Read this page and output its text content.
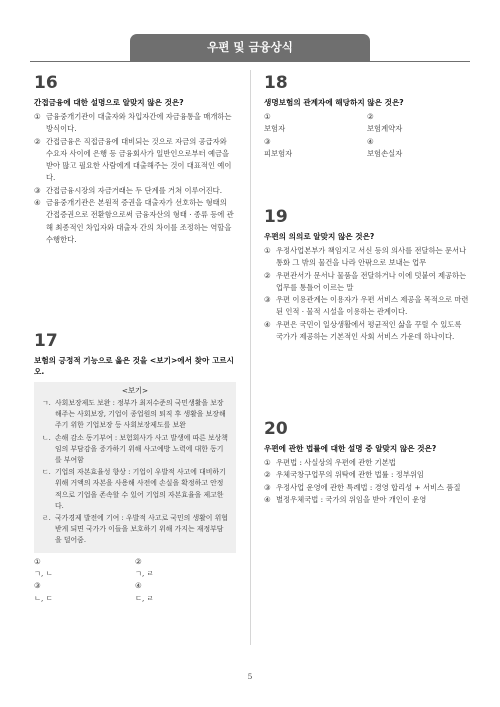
우편 및 금융상식
16
간접금융에 대한 설명으로 알맞지 않은 것은?
① 금융중개기관이 대출자와 차입자간에 자금융통을 매개하는 방식이다.
② 간접금융은 직접금융에 대비되는 것으로 자금의 공급자와 수요자 사이에 은행 등 금융회사가 일반인으로부터 예금을 받아 많고 필요한 사람에게 대출해주는 것이 대표적인 예이다.
③ 간접금융시장의 자금거래는 두 단계를 거쳐 이루어진다.
④ 금융중개기관은 본원적 증권을 대출자가 선호하는 형태의 간접증권으로 전환함으로써 금융자산의 형태 · 종류 등에 관해 최종적인 차입자와 대출자 간의 차이를 조정하는 역할을 수행한다.
17
보험의 긍정적 기능으로 옳은 것을 <보기>에서 찾아 고르시오.
<보기>
ㄱ. 사회보장제도 보완 : 정부가 최저수준의 국민생활을 보장해주는 사회보장, 기업이 종업원의 퇴직 후 생활을 보장해주기 위한 기업보장 등 사회보장제도를 보완
ㄴ. 손해 감소 동기부여 : 보험회사가 사고 발생에 따른 보상책임의 부담감을 증가하기 위해 사고예방 노력에 대한 동기를 부여함
ㄷ. 기업의 자본효율성 향상 : 기업이 우발적 사고에 대비하기 위해 거액의 자본을 사용해 사전에 손실을 확정하고 안정적으로 기업을 존속할 수 있어 기업의 자본효율을 제고한다.
ㄹ. 국가경제 발전에 기여 : 우발적 사고로 국민의 생활이 위협받게 되면 국가가 이들을 보호하기 위해 가지는 재정부담을 덜어줌.
①
ㄱ, ㄴ
②
ㄱ, ㄹ
③
ㄴ, ㄷ
④
ㄷ, ㄹ
18
생명보험의 관계자에 해당하지 않은 것은?
①
보험자
②
보험계약자
③
피보험자
④
보험손실자
19
우편의 의의로 알맞지 않은 것은?
① 우정사업본부가 책임지고 서신 등의 의사를 전달하는 문서나 통화 그 밖의 물건을 나라 안팎으로 보내는 업무
② 우편관서가 문서나 물품을 전달하거나 이에 덧붙여 제공하는 업무를 통틀어 이르는 말
③ 우편 이용관계는 이용자가 우편 서비스 제공을 목적으로 마련된 인적 · 물적 시설을 이용하는 관계이다.
④ 우편은 국민이 일상생활에서 평균적인 삶을 꾸릴 수 있도록 국가가 제공하는 기본적인 사회 서비스 가운데 하나이다.
20
우편에 관한 법률에 대한 설명 중 알맞지 않은 것은?
① 우편법 : 사실상의 우편에 관한 기본법
② 우체국창구업무의 위탁에 관한 법률 : 정부위임
③ 우정사업 운영에 관한 특례법 : 경영 합리성 + 서비스 품질
④ 별정우체국법 : 국가의 위임을 받아 개인이 운영
5
